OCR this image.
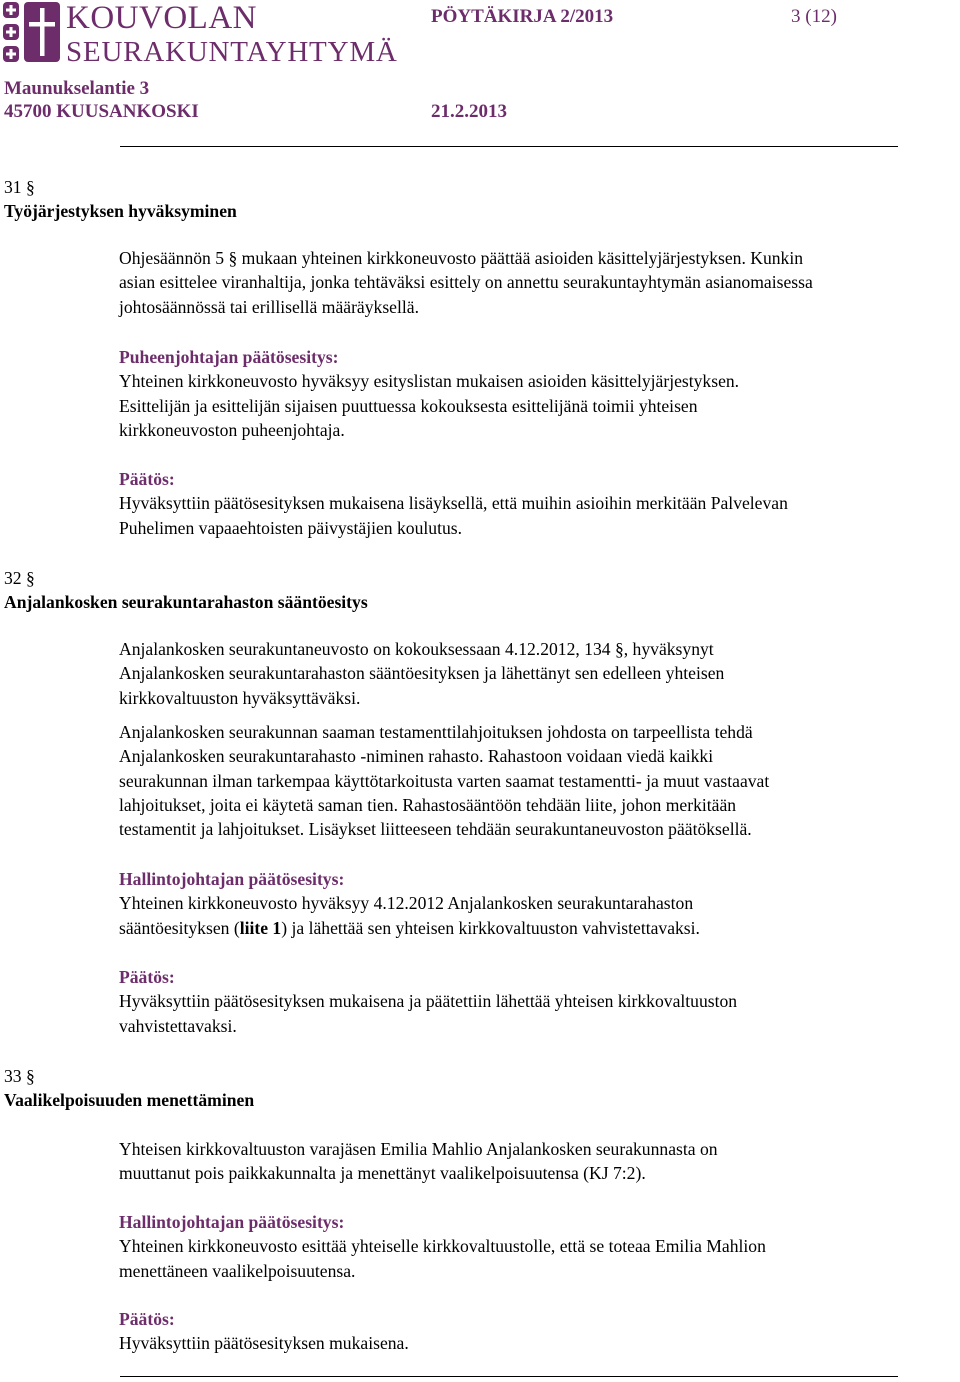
KOUVOLAN
SEURAKUNTAYHTYMÄ
Maunukselantie 3
45700 KUUSANKOSKI
PÖYTÄKIRJA 2/2013	3 (12)
21.2.2013
31 §
Työjärjestyksen hyväksyminen

Ohjesäännön 5 § mukaan yhteinen kirkkoneuvosto päättää asioiden käsittelyjärjestyksen. Kunkin

asian esittelee viranhaltija, jonka tehtäväksi esittely on annettu seurakuntayhtymän asianomaisessa

johtosäännössä tai erillisellä määräyksellä.

Puheenjohtajan päätösesitys:

Yhteinen kirkkoneuvosto hyväksyy esityslistan mukaisen asioiden käsittelyjärjestyksen.

Esittelijän ja esittelijän sijaisen puuttuessa kokouksesta esittelijänä toimii yhteisen

kirkkoneuvoston puheenjohtaja.

Päätös:

Hyväksyttiin päätösesityksen mukaisena lisäyksellä, että muihin asioihin merkitään Palvelevan

Puhelimen vapaaehtoisten päivystäjien koulutus.

32 §
Anjalankosken seurakuntarahaston sääntöesitys

Anjalankosken seurakuntaneuvosto on kokouksessaan 4.12.2012, 134 §, hyväksynyt

Anjalankosken seurakuntarahaston sääntöesityksen ja lähettänyt sen edelleen yhteisen

kirkkovaltuuston hyväksyttäväksi.

Anjalankosken seurakunnan saaman testamenttilahjoituksen johdosta on tarpeellista tehdä

Anjalankosken seurakuntarahasto -niminen rahasto. Rahastoon voidaan viedä kaikki

seurakunnan ilman tarkempaa käyttötarkoitusta varten saamat testamentti- ja muut vastaavat

lahjoitukset, joita ei käytetä saman tien. Rahastosääntöön tehdään liite, johon merkitään

testamentit ja lahjoitukset. Lisäykset liitteeseen tehdään seurakuntaneuvoston päätöksellä.

Hallintojohtajan päätösesitys:

Yhteinen kirkkoneuvosto hyväksyy 4.12.2012 Anjalankosken seurakuntarahaston

sääntöesityksen (liite 1) ja lähettää sen yhteisen kirkkovaltuuston vahvistettavaksi.

Päätös:

Hyväksyttiin päätösesityksen mukaisena ja päätettiin lähettää yhteisen kirkkovaltuuston

vahvistettavaksi.

33 §
Vaalikelpoisuuden menettäminen

Yhteisen kirkkovaltuuston varajäsen Emilia Mahlio Anjalankosken seurakunnasta on

muuttanut pois paikkakunnalta ja menettänyt vaalikelpoisuutensa (KJ 7:2).

Hallintojohtajan päätösesitys:

Yhteinen kirkkoneuvosto esittää yhteiselle kirkkovaltuustolle, että se toteaa Emilia Mahlion

menettäneen vaalikelpoisuutensa.

Päätös:

Hyväksyttiin päätösesityksen mukaisena.
